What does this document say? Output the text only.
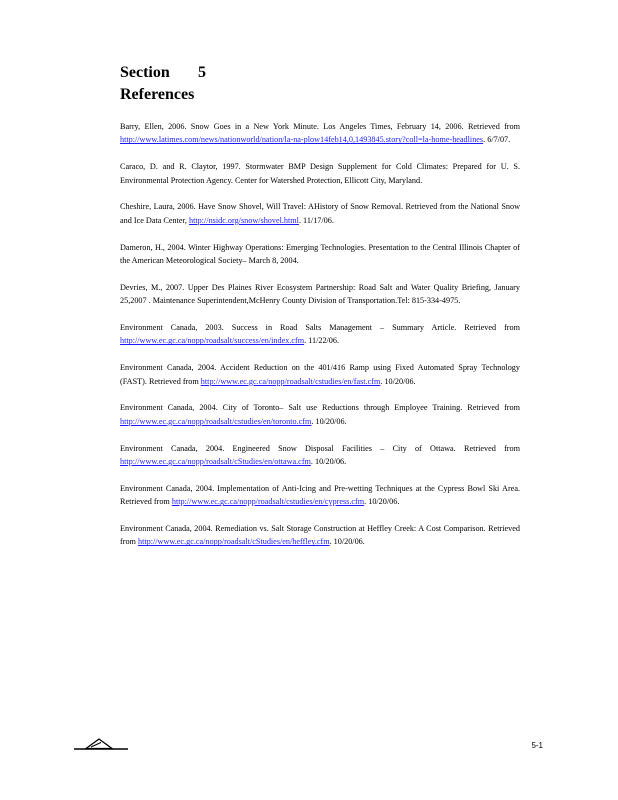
Section 5
References

Barry, Ellen, 2006. Snow Goes in a New York Minute. Los Angeles Times, February 14, 2006. Retrieved from http://www.latimes.com/news/nationworld/nation/la-na-plow14feb14,0,1493845.story?coll=la-home-headlines. 6/7/07.

Caraco, D. and R. Claytor, 1997. Stormwater BMP Design Supplement for Cold Climates: Prepared for U. S. Environmental Protection Agency. Center for Watershed Protection, Ellicott City, Maryland.

Cheshire, Laura, 2006. Have Snow Shovel, Will Travel: AHistory of Snow Removal. Retrieved from the National Snow and Ice Data Center, http://nsidc.org/snow/shovel.html. 11/17/06.

Dameron, H., 2004. Winter Highway Operations: Emerging Technologies. Presentation to the Central Illinois Chapter of the American Meteorological Society– March 8, 2004.

Devries, M., 2007. Upper Des Plaines River Ecosystem Partnership: Road Salt and Water Quality Briefing, January 25,2007 . Maintenance Superintendent,McHenry County Division of Transportation.Tel: 815-334-4975.

Environment Canada, 2003. Success in Road Salts Management – Summary Article. Retrieved from http://www.ec.gc.ca/nopp/roadsalt/success/en/index.cfm. 11/22/06.

Environment Canada, 2004. Accident Reduction on the 401/416 Ramp using Fixed Automated Spray Technology (FAST). Retrieved from http://www.ec.gc.ca/nopp/roadsalt/cstudies/en/fast.cfm. 10/20/06.

Environment Canada, 2004. City of Toronto– Salt use Reductions through Employee Training. Retrieved from http://www.ec.gc.ca/nopp/roadsalt/cstudies/en/toronto.cfm. 10/20/06.

Environment Canada, 2004. Engineered Snow Disposal Facilities – City of Ottawa. Retrieved from http://www.ec.gc.ca/nopp/roadsalt/cStudies/en/ottawa.cfm. 10/20/06.

Environment Canada, 2004. Implementation of Anti-Icing and Pre-wetting Techniques at the Cypress Bowl Ski Area. Retrieved from http://www.ec.gc.ca/nopp/roadsalt/cstudies/en/cypress.cfm. 10/20/06.

Environment Canada, 2004. Remediation vs. Salt Storage Construction at Heffley Creek: A Cost Comparison. Retrieved from http://www.ec.gc.ca/nopp/roadsalt/cStudies/en/heffley.cfm. 10/20/06.

5-1
